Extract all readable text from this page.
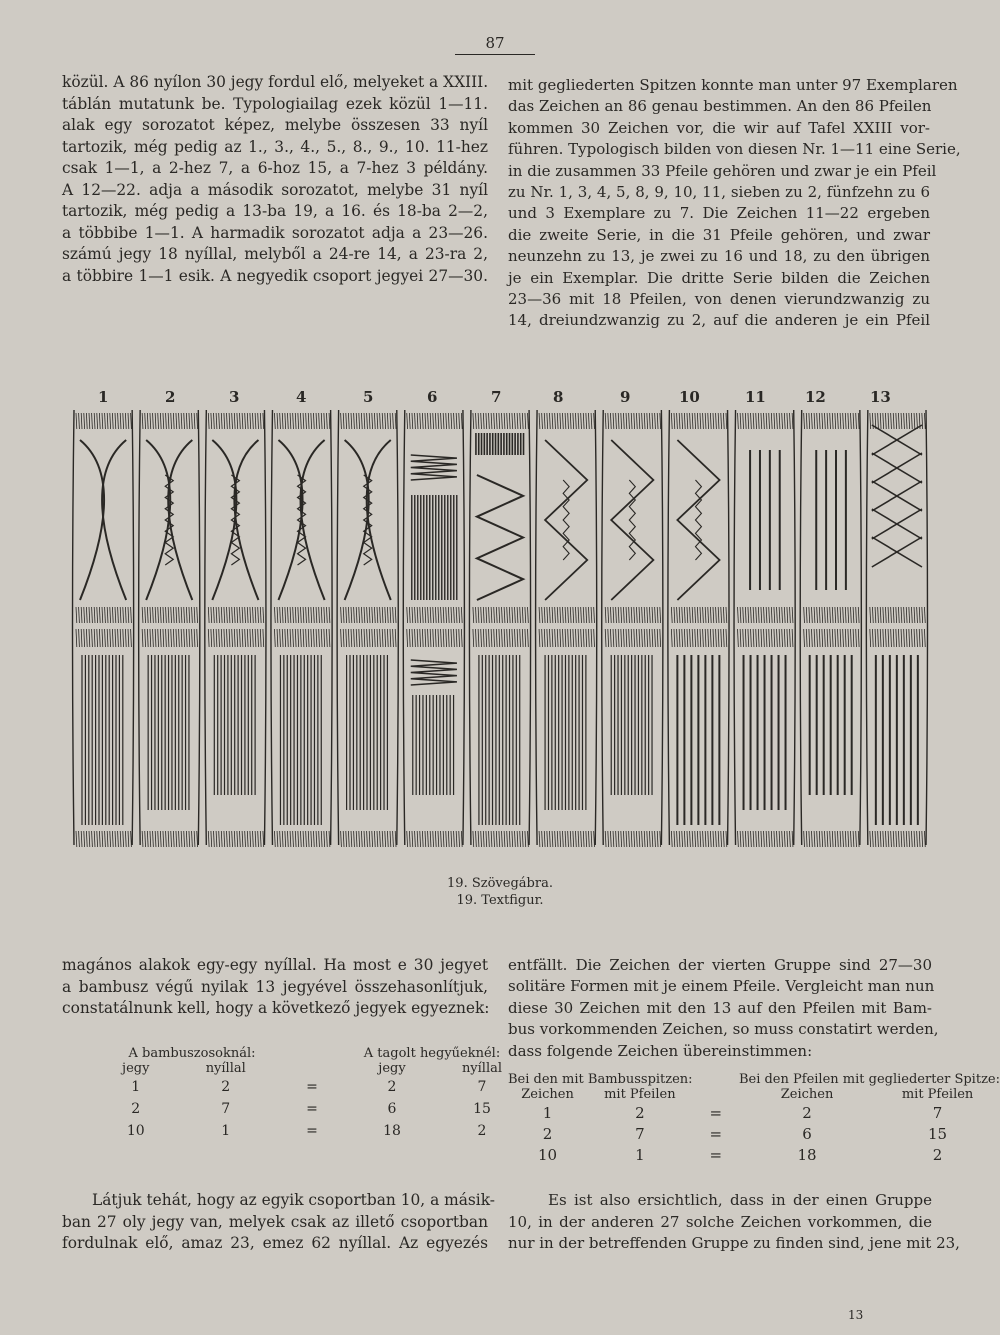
87
közül. A 86 nyílon 30 jegy fordul elő, melyeket a XXIII.
táblán mutatunk be. Typologiailag ezek közül 1—11.
alak egy sorozatot képez, melybe összesen 33 nyíl
tartozik, még pedig az 1., 3., 4., 5., 8., 9., 10. 11-hez
csak 1—1, a 2-hez 7, a 6-hoz 15, a 7-hez 3 példány.
A 12—22. adja a második sorozatot, melybe 31 nyíl
tartozik, még pedig a 13-ba 19, a 16. és 18-ba 2—2,
a többibe 1—1. A harmadik sorozatot adja a 23—26.
számú jegy 18 nyíllal, melyből a 24-re 14, a 23-ra 2,
a többire 1—1 esik. A negyedik csoport jegyei 27—30.
mit gegliederten Spitzen konnte man unter 97 Exemplaren
das Zeichen an 86 genau bestimmen. An den 86 Pfeilen
kommen 30 Zeichen vor, die wir auf Tafel XXIII vor-
führen. Typologisch bilden von diesen Nr. 1—11 eine Serie,
in die zusammen 33 Pfeile gehören und zwar je ein Pfeil
zu Nr. 1, 3, 4, 5, 8, 9, 10, 11, sieben zu 2, fünfzehn zu 6
und 3 Exemplare zu 7. Die Zeichen 11—22 ergeben
die zweite Serie, in die 31 Pfeile gehören, und zwar
neunzehn zu 13, je zwei zu 16 und 18, zu den übrigen
je ein Exemplar. Die dritte Serie bilden die Zeichen
23—36 mit 18 Pfeilen, von denen vierundzwanzig zu
14, dreiundzwanzig zu 2, auf die anderen je ein Pfeil
1	2	3	4	5	6	7	8	9	10	11	12	13
19. Szövegábra.
19. Textfigur.
magános alakok egy-egy nyíllal. Ha most e 30 jegyet
a bambusz végű nyilak 13 jegyével összehasonlítjuk,
constatálnunk kell, hogy a következő jegyek egyeznek:
entfällt. Die Zeichen der vierten Gruppe sind 27—30
solitäre Formen mit je einem Pfeile. Vergleicht man nun
diese 30 Zeichen mit den 13 auf den Pfeilen mit Bam-
bus vorkommenden Zeichen, so muss constatirt werden,
dass folgende Zeichen übereinstimmen:
A bambuszosoknál:			A tagolt hegyűeknél:	
jegy	nyíllal		jegy	nyíllal
1	2	=	2	7
2	7	=	6	15
10	1	=	18	2
Bei den mit Bambusspitzen:			Bei den Pfeilen mit gegliederter Spitze:	
Zeichen	mit Pfeilen		Zeichen	mit Pfeilen
1	2	=	2	7
2	7	=	6	15
10	1	=	18	2
Látjuk tehát, hogy az egyik csoportban 10, a másik-
ban 27 oly jegy van, melyek csak az illető csoportban
fordulnak elő, amaz 23, emez 62 nyíllal. Az egyezés
Es ist also ersichtlich, dass in der einen Gruppe
10, in der anderen 27 solche Zeichen vorkommen, die
nur in der betreffenden Gruppe zu finden sind, jene mit 23,
13
